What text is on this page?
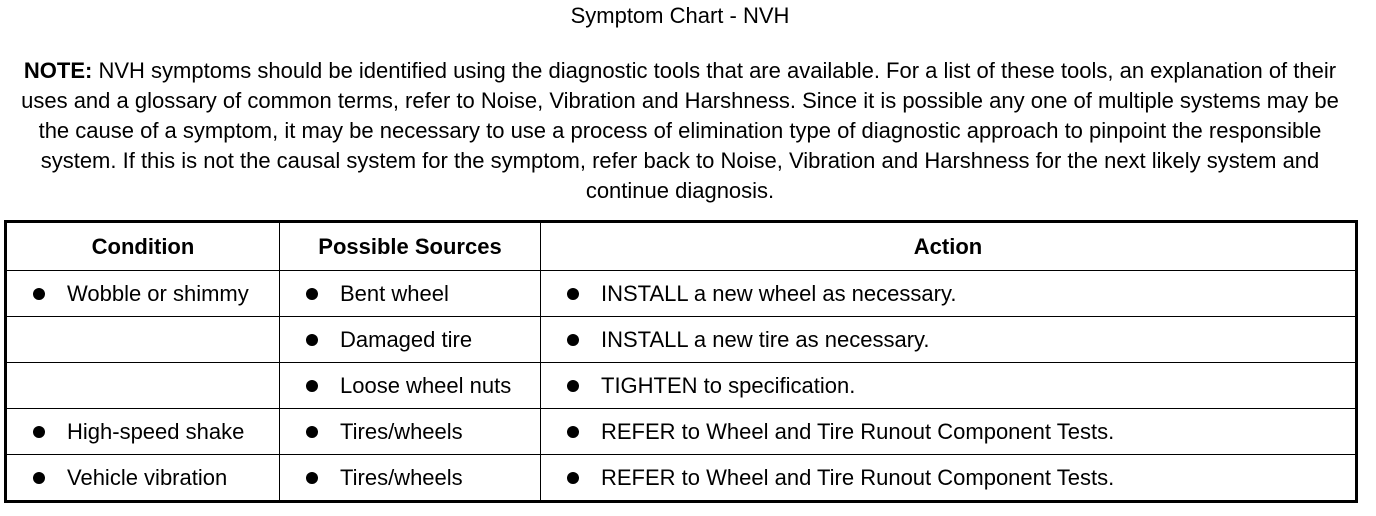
Symptom Chart - NVH
NOTE: NVH symptoms should be identified using the diagnostic tools that are available. For a list of these tools, an explanation of their uses and a glossary of common terms, refer to Noise, Vibration and Harshness. Since it is possible any one of multiple systems may be the cause of a symptom, it may be necessary to use a process of elimination type of diagnostic approach to pinpoint the responsible system. If this is not the causal system for the symptom, refer back to Noise, Vibration and Harshness for the next likely system and continue diagnosis.
Condition	Possible Sources	Action

Wobble or shimmy	Bent wheel	INSTALL a new wheel as necessary.

	Damaged tire	INSTALL a new tire as necessary.

	Loose wheel nuts	TIGHTEN to specification.

High-speed shake	Tires/wheels	REFER to Wheel and Tire Runout Component Tests.

Vehicle vibration	Tires/wheels	REFER to Wheel and Tire Runout Component Tests.
